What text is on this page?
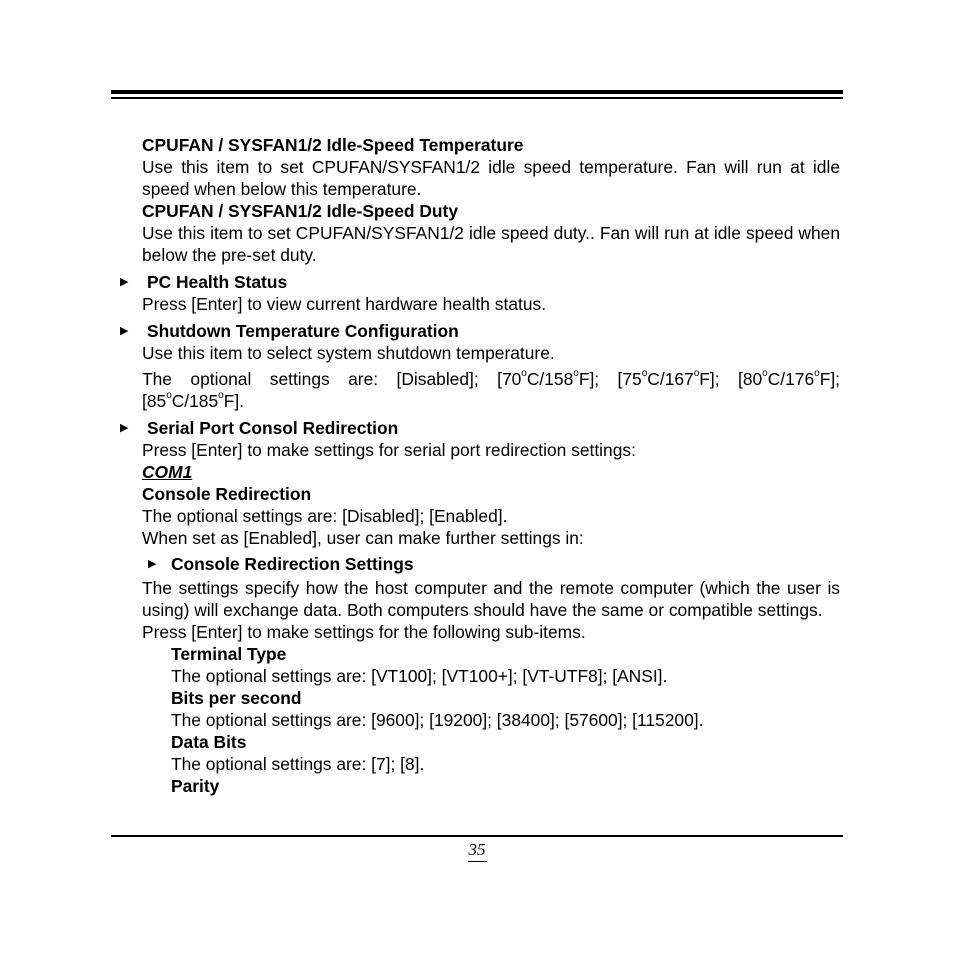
CPUFAN / SYSFAN1/2 Idle-Speed Temperature
Use this item to set CPUFAN/SYSFAN1/2 idle speed temperature. Fan will run at idle speed when below this temperature.
CPUFAN / SYSFAN1/2 Idle-Speed Duty
Use this item to set CPUFAN/SYSFAN1/2 idle speed duty.. Fan will run at idle speed when below the pre-set duty.
▶ PC Health Status
Press [Enter] to view current hardware health status.
▶ Shutdown Temperature Configuration
Use this item to select system shutdown temperature.
The optional settings are: [Disabled]; [70$^o$C/158$^o$F]; [75$^o$C/167$^o$F]; [80$^o$C/176$^o$F]; [85$^o$C/185$^o$F].
▶ Serial Port Consol Redirection
Press [Enter] to make settings for serial port redirection settings:
COM1
Console Redirection
The optional settings are: [Disabled]; [Enabled].
When set as [Enabled], user can make further settings in:
▶ Console Redirection Settings
The settings specify how the host computer and the remote computer (which the user is using) will exchange data. Both computers should have the same or compatible settings.
Press [Enter] to make settings for the following sub-items.
Terminal Type
The optional settings are: [VT100]; [VT100+]; [VT-UTF8]; [ANSI].
Bits per second
The optional settings are: [9600]; [19200]; [38400]; [57600]; [115200].
Data Bits
The optional settings are: [7]; [8].
Parity
35
